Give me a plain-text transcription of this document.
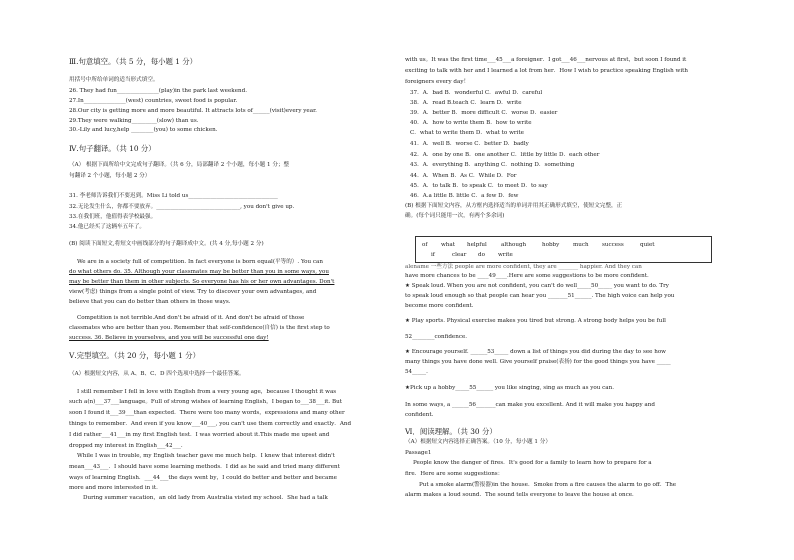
Ⅲ.句意填空。（共 5 分，每小题 1 分）
用括号中所给单词的适当形式填空。
26. They had fun_______________(play)in the park last weekend.
27.In_______________(west) countries, sweet food is popular.
28.Our city is getting more and more beautiful. It attracts lots of______(visit)every year.
29.They were walking_________(slow) than us.
30.-Lily and lucy,help ________(you) to some chicken.
Ⅳ.句子翻译。（共 10 分）
（A） 根据下面所给中文完成句子翻译。（共 6 分，局部翻译 2 个小题，每小题 1 分；整
句翻译 2 个小题，每小题 2 分）
31. 李老师告诉我们不要迟到。Miss Li told us________________________________
32.无论发生什么，你都不要放弃。______________________________, you don't give up.
33.在我们班，他值得表学校最强。
34.他已经买了这辆车五年了。
(B) 阅读下面短文,将短文中画线部分的句子翻译成中文。(共 4 分,每小题 2 分)
We are in a society full of competition. In fact everyone is born equal(平等的）. You can
do what others do. 35. Although your classmates may be better than you in some ways, you
may be better than them in other subjects. So everyone has his or her own advantages. Don't
view(考虑) things from a single point of view. Try to discover your own advantages, and
believe that you can do better than others in those ways.
Competition is not terrible.And don't be afraid of it. And don't be afraid of those
classmates who are better than you. Remember that self-confidence(自信) is the first step to
success. 36. Believe in yourselves, and you will be successful one day!
Ⅴ.完型填空。（共 20 分，每小题 1 分）
（A）根据短文内容，从 A、B、C、D 四个选项中选择一个最佳答案。
I still remember I fell in love with English from a very young age，because I thought it was
such a(n)___37___language。Full of strong wishes of learning English，I began to___38___it. But
soon I found it___39___than expected．There were too many words，expressions and many other
things to remember．And even if you know___40___, you can't use them correctly and exactly．And
I did rather___41___in my first English test．I was worried about it.This made me upset and
dropped my interest in English___42___.
While I was in trouble, my English teacher gave me much help．I knew that interest didn't
mean___43___．I should have some learning methods．I did as he said and tried many different
ways of learning English．___44___the days went by，I could do better and better and became
more and more interested in it．
During summer vacation，an old lady from Australia visted my school．She had a talk
with us。It was the first time___45___a foreigner．I got___46___nervous at first，but soon I found it
exciting to talk with her and I learned a lot from her．How I wish to practice speaking English with
foreigners every day！
37．A．bad B．wonderful C．awful D．careful
38．A．read B.teach C．learn D．write
39．A．better B．more difficult C．worse D．easier
40．A．how to write them B．how to write
C．what to write them D．what to write
41．A．well B．worse C．better D．badly
42．A．one by one B．one another C．little by little D．each other
43．A．everything B．anything C．nothing D．something
44．A．When B．As C．While D．For
45．A．to talk B．to speak C．to meet D．to say
46．A.a little B. little C．a few D．few
(B) 根据下面短文内容，从方框内选择适当的单词并用其正确形式填空，使短文完整，正
确。(每个词只能用一次，有两个多余词)
alename 一些方法 people are more confident, they are _______ happier. And they can
of what helpful	although	hobby much success	quiet
if	clear do write
have more chances to be ____49____.Here are some suggestions to be more confident.
★ Speak loud. When you are not confident, you can't do well_____50_____ you want to do. Try
to speak loud enough so that people can hear you _______51______. The high voice can help you
become more confident.
★ Play sports. Physical exercise makes you tired but strong. A strong body helps you be full
52________confidence.
★ Encourage yourself. ______53_____ down a list of things you did during the day to see how
many things you have done well. Give yourself praise(表扬) for the good things you have _____
54_____.
★Pick up a hobby_____55______ you like singing, sing as much as you can.
In some ways, a ______56_______can make you excellent. And it will make you happy and
confident.
Ⅵ．阅读理解。（共 30 分）
（A）根据短文内容选择正确答案。（10 分，每小题 1 分）
Passage1
People know the danger of fires．It's good for a family to learn how to prepare for a
fire．Here are some suggestions：
Put a smoke alarm(警报器)in the house．Smoke from a fire causes the alarm to go off．The
alarm makes a loud sound．The sound tells everyone to leave the house at once．
